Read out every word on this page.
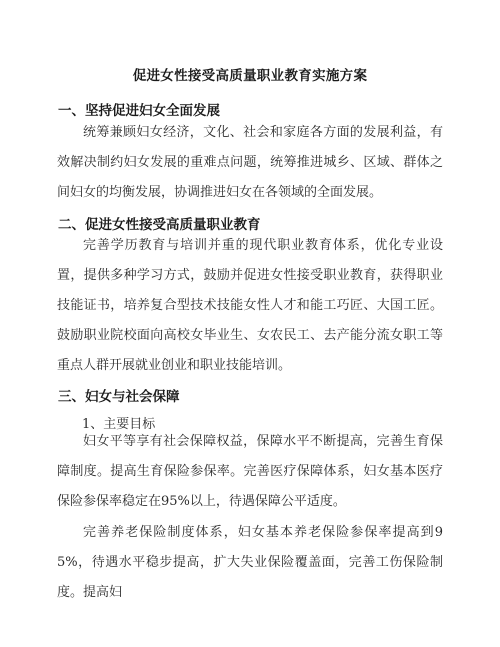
促进女性接受高质量职业教育实施方案
一、坚持促进妇女全面发展
统筹兼顾妇女经济，文化、社会和家庭各方面的发展利益，有效解决制约妇女发展的重难点问题，统筹推进城乡、区域、群体之间妇女的均衡发展，协调推进妇女在各领域的全面发展。
二、促进女性接受高质量职业教育
完善学历教育与培训并重的现代职业教育体系，优化专业设置，提供多种学习方式，鼓励并促进女性接受职业教育，获得职业技能证书，培养复合型技术技能女性人才和能工巧匠、大国工匠。鼓励职业院校面向高校女毕业生、女农民工、去产能分流女职工等重点人群开展就业创业和职业技能培训。
三、妇女与社会保障
1、主要目标
妇女平等享有社会保障权益，保障水平不断提高，完善生育保障制度。提高生育保险参保率。完善医疗保障体系，妇女基本医疗保险参保率稳定在95%以上，待遇保障公平适度。
完善养老保险制度体系，妇女基本养老保险参保率提高到95%，待遇水平稳步提高，扩大失业保险覆盖面，完善工伤保险制度。提高妇
